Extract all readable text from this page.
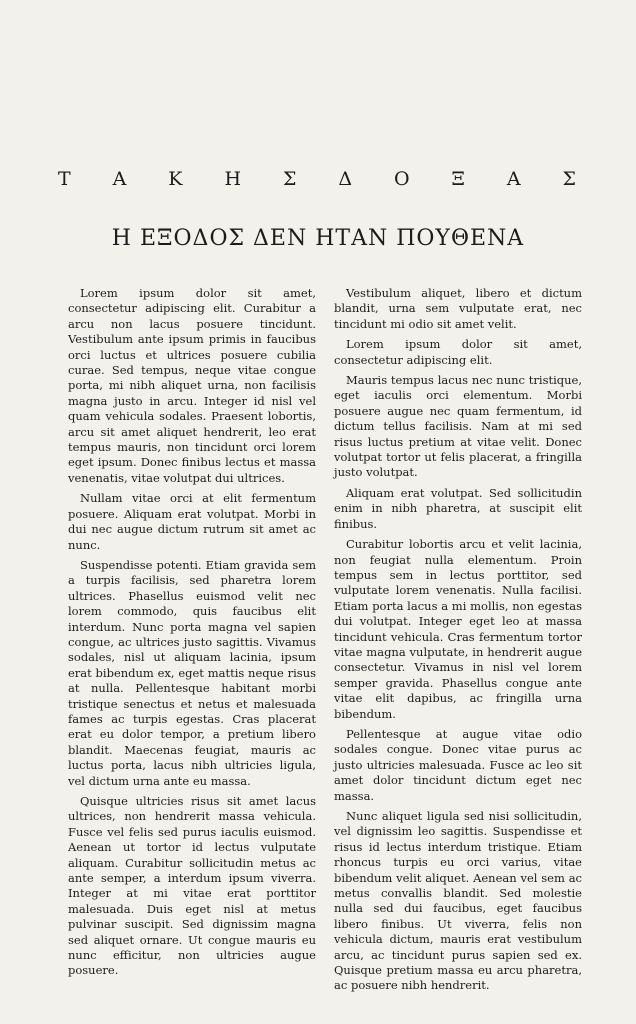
Τ Α Κ Η Σ Δ Ο Ξ Α Σ
Η ΕΞΟΔΟΣ ΔΕΝ ΗΤΑΝ ΠΟΥΘΕΝΑ

Lorem ipsum dolor sit amet, consectetur adipiscing elit. Curabitur a arcu non lacus posuere tincidunt. Vestibulum ante ipsum primis in faucibus orci luctus et ultrices posuere cubilia curae. Sed tempus, neque vitae congue porta, mi nibh aliquet urna, non facilisis magna justo in arcu. Integer id nisl vel quam vehicula sodales. Praesent lobortis, arcu sit amet aliquet hendrerit, leo erat tempus mauris, non tincidunt orci lorem eget ipsum. Donec finibus lectus et massa venenatis, vitae volutpat dui ultrices.

Nullam vitae orci at elit fermentum posuere. Aliquam erat volutpat. Morbi in dui nec augue dictum rutrum sit amet ac nunc.

Suspendisse potenti. Etiam gravida sem a turpis facilisis, sed pharetra lorem ultrices. Phasellus euismod velit nec lorem commodo, quis faucibus elit interdum. Nunc porta magna vel sapien congue, ac ultrices justo sagittis. Vivamus sodales, nisl ut aliquam lacinia, ipsum erat bibendum ex, eget mattis neque risus at nulla. Pellentesque habitant morbi tristique senectus et netus et malesuada fames ac turpis egestas. Cras placerat erat eu dolor tempor, a pretium libero blandit. Maecenas feugiat, mauris ac luctus porta, lacus nibh ultricies ligula, vel dictum urna ante eu massa.

Quisque ultricies risus sit amet lacus ultrices, non hendrerit massa vehicula. Fusce vel felis sed purus iaculis euismod. Aenean ut tortor id lectus vulputate aliquam. Curabitur sollicitudin metus ac ante semper, a interdum ipsum viverra. Integer at mi vitae erat porttitor malesuada. Duis eget nisl at metus pulvinar suscipit. Sed dignissim magna sed aliquet ornare. Ut congue mauris eu nunc efficitur, non ultricies augue posuere.

Vestibulum aliquet, libero et dictum blandit, urna sem vulputate erat, nec tincidunt mi odio sit amet velit.

Lorem ipsum dolor sit amet, consectetur adipiscing elit.

Mauris tempus lacus nec nunc tristique, eget iaculis orci elementum. Morbi posuere augue nec quam fermentum, id dictum tellus facilisis. Nam at mi sed risus luctus pretium at vitae velit. Donec volutpat tortor ut felis placerat, a fringilla justo volutpat.

Aliquam erat volutpat. Sed sollicitudin enim in nibh pharetra, at suscipit elit finibus.

Curabitur lobortis arcu et velit lacinia, non feugiat nulla elementum. Proin tempus sem in lectus porttitor, sed vulputate lorem venenatis. Nulla facilisi. Etiam porta lacus a mi mollis, non egestas dui volutpat. Integer eget leo at massa tincidunt vehicula. Cras fermentum tortor vitae magna vulputate, in hendrerit augue consectetur. Vivamus in nisl vel lorem semper gravida. Phasellus congue ante vitae elit dapibus, ac fringilla urna bibendum.

Pellentesque at augue vitae odio sodales congue. Donec vitae purus ac justo ultricies malesuada. Fusce ac leo sit amet dolor tincidunt dictum eget nec massa.

Nunc aliquet ligula sed nisi sollicitudin, vel dignissim leo sagittis. Suspendisse et risus id lectus interdum tristique. Etiam rhoncus turpis eu orci varius, vitae bibendum velit aliquet. Aenean vel sem ac metus convallis blandit. Sed molestie nulla sed dui faucibus, eget faucibus libero finibus. Ut viverra, felis non vehicula dictum, mauris erat vestibulum arcu, ac tincidunt purus sapien sed ex. Quisque pretium massa eu arcu pharetra, ac posuere nibh hendrerit.
